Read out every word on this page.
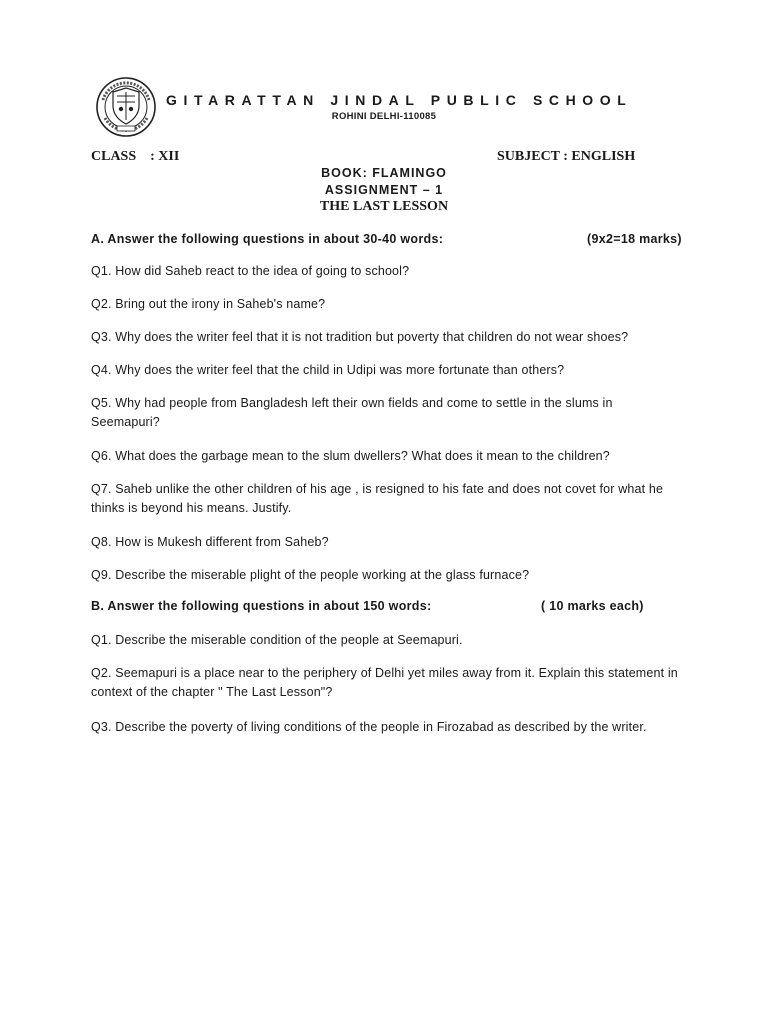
GITARATTAN JINDAL PUBLIC SCHOOL
ROHINI DELHI-110085
CLASS    : XII	SUBJECT : ENGLISH
BOOK: FLAMINGO
ASSIGNMENT – 1
THE LAST LESSON
A. Answer the following questions in about 30-40 words:	(9x2=18 marks)
Q1. How did Saheb react to the idea of going to school?
Q2. Bring out the irony in Saheb's name?
Q3. Why does the writer feel that it is not tradition but poverty that children do not wear shoes?
Q4. Why does the writer feel that the child in Udipi was more fortunate than others?
Q5. Why had people from Bangladesh left their own fields and come to settle in the slums in Seemapuri?
Q6. What does the garbage mean to the slum dwellers? What does it mean to the children?
Q7. Saheb unlike the other children of his age , is resigned to his fate and does not covet for what he thinks is beyond his means. Justify.
Q8. How is Mukesh different from Saheb?
Q9. Describe the miserable plight of the people working at the glass furnace?
B. Answer the following questions in about 150 words:	( 10 marks each)
Q1. Describe the miserable condition of the people at Seemapuri.
Q2. Seemapuri is a place near to the periphery of Delhi yet miles away from it. Explain this statement in context of the chapter " The Last Lesson"?
Q3. Describe the poverty of living conditions of the people in Firozabad as described by the writer.
